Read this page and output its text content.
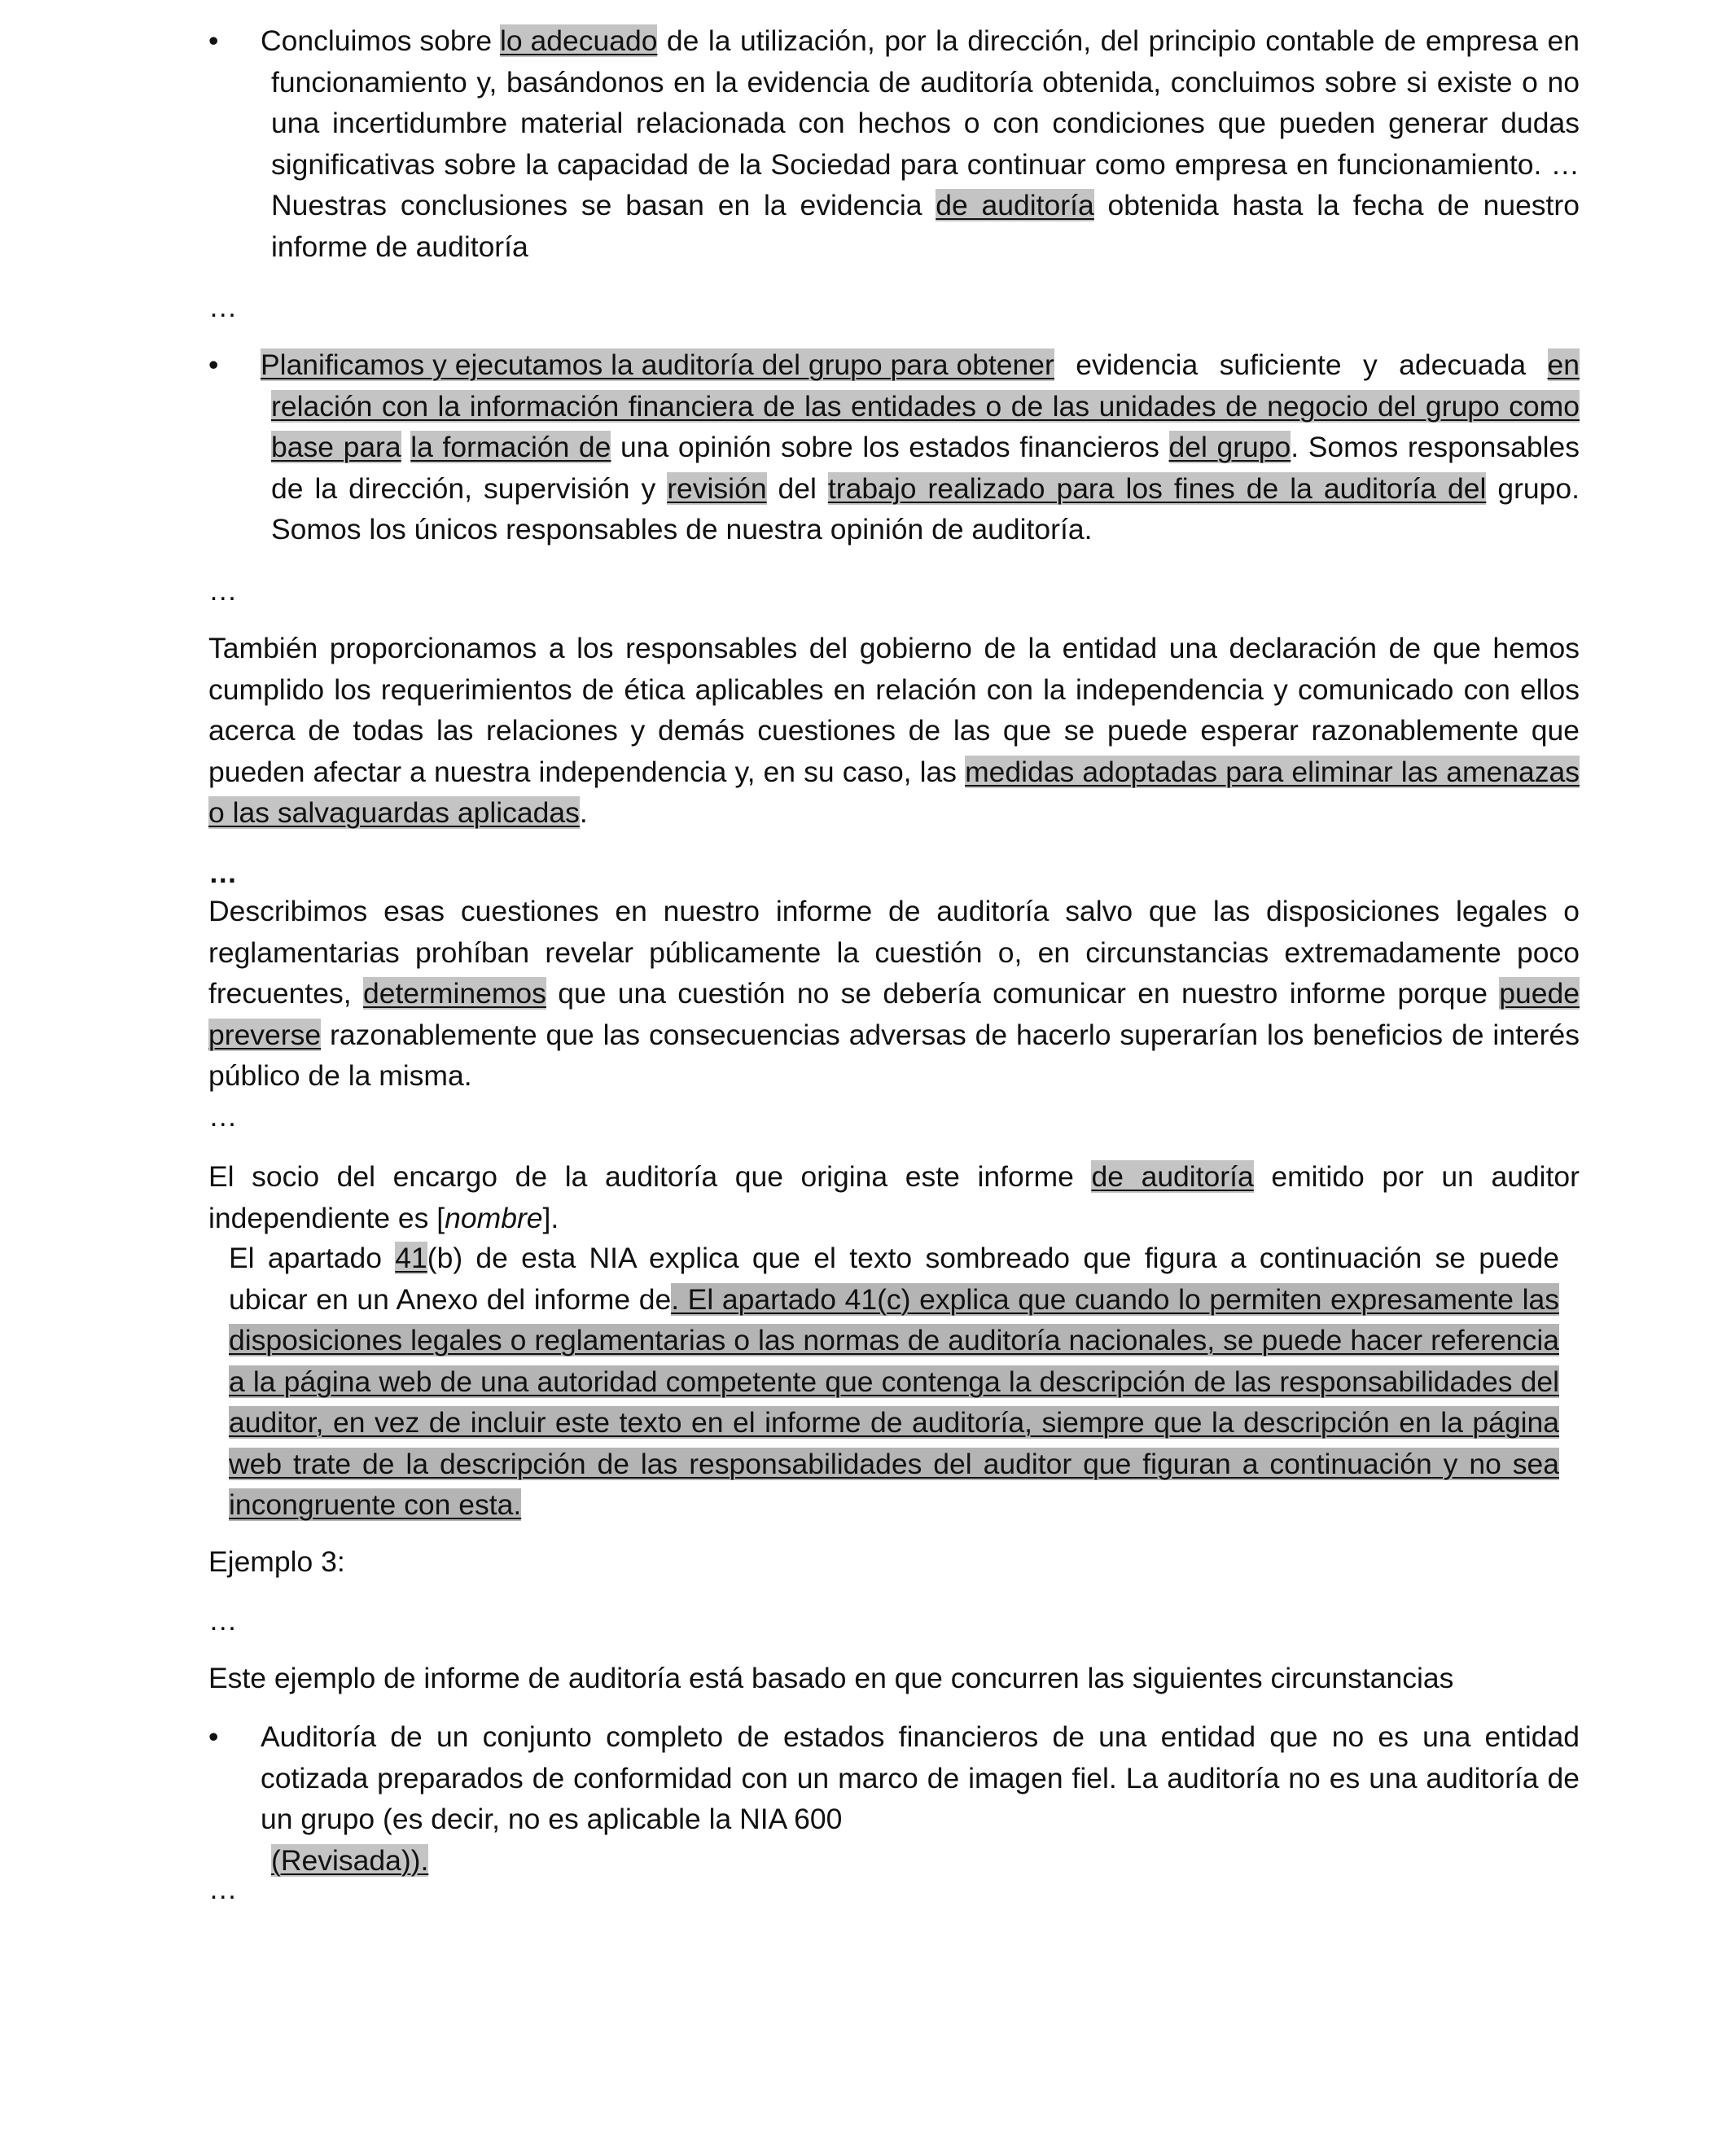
• Concluimos sobre lo adecuado de la utilización, por la dirección, del principio contable de empresa en funcionamiento y, basándonos en la evidencia de auditoría obtenida, concluimos sobre si existe o no una incertidumbre material relacionada con hechos o con condiciones que pueden generar dudas significativas sobre la capacidad de la Sociedad para continuar como empresa en funcionamiento. … Nuestras conclusiones se basan en la evidencia de auditoría obtenida hasta la fecha de nuestro informe de auditoría
…
• Planificamos y ejecutamos la auditoría del grupo para obtener evidencia suficiente y adecuada en relación con la información financiera de las entidades o de las unidades de negocio del grupo como base para la formación de una opinión sobre los estados financieros del grupo. Somos responsables de la dirección, supervisión y revisión del trabajo realizado para los fines de la auditoría del grupo. Somos los únicos responsables de nuestra opinión de auditoría.
…
También proporcionamos a los responsables del gobierno de la entidad una declaración de que hemos cumplido los requerimientos de ética aplicables en relación con la independencia y comunicado con ellos acerca de todas las relaciones y demás cuestiones de las que se puede esperar razonablemente que pueden afectar a nuestra independencia y, en su caso, las medidas adoptadas para eliminar las amenazas o las salvaguardas aplicadas.
…
Describimos esas cuestiones en nuestro informe de auditoría salvo que las disposiciones legales o reglamentarias prohíban revelar públicamente la cuestión o, en circunstancias extremadamente poco frecuentes, determinemos que una cuestión no se debería comunicar en nuestro informe porque puede preverse razonablemente que las consecuencias adversas de hacerlo superarían los beneficios de interés público de la misma.
…
El socio del encargo de la auditoría que origina este informe de auditoría emitido por un auditor independiente es [nombre].
El apartado 41(b) de esta NIA explica que el texto sombreado que figura a continuación se puede ubicar en un Anexo del informe de. El apartado 41(c) explica que cuando lo permiten expresamente las disposiciones legales o reglamentarias o las normas de auditoría nacionales, se puede hacer referencia a la página web de una autoridad competente que contenga la descripción de las responsabilidades del auditor, en vez de incluir este texto en el informe de auditoría, siempre que la descripción en la página web trate de la descripción de las responsabilidades del auditor que figuran a continuación y no sea incongruente con esta.
Ejemplo 3:
…
Este ejemplo de informe de auditoría está basado en que concurren las siguientes circunstancias
• Auditoría de un conjunto completo de estados financieros de una entidad que no es una entidad cotizada preparados de conformidad con un marco de imagen fiel. La auditoría no es una auditoría de un grupo (es decir, no es aplicable la NIA 600(Revisada)).
…
